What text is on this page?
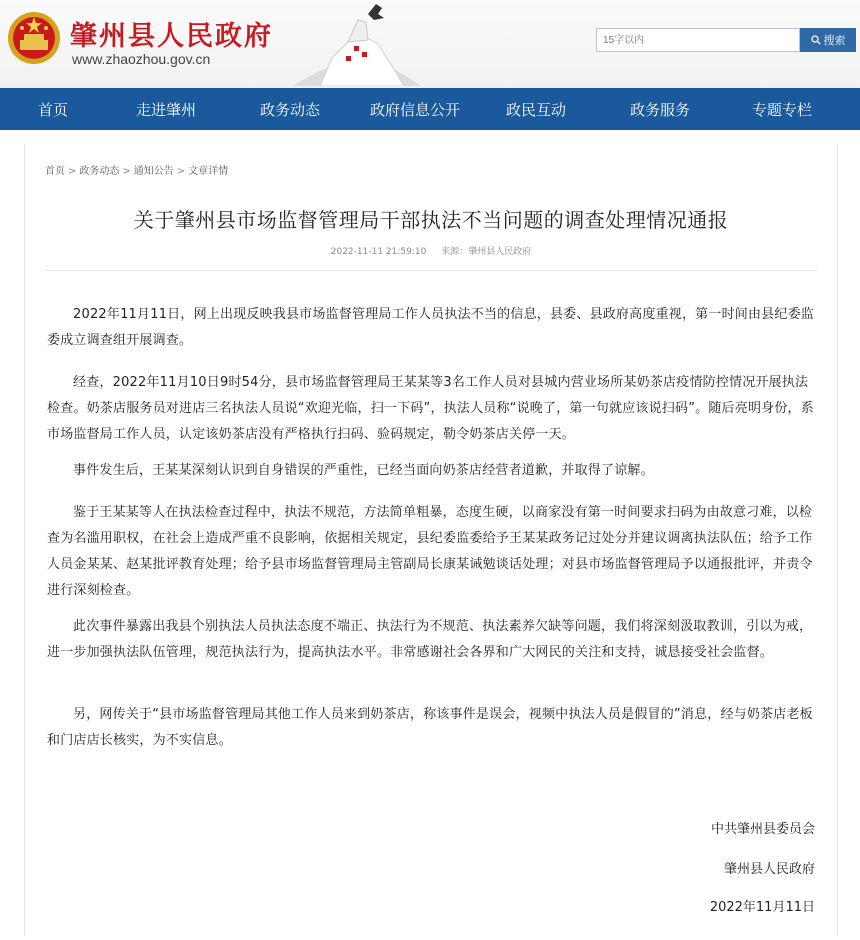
肇州县人民政府
www.zhaozhou.gov.cn
15字以内
搜索
首页	走进肇州	政务动态	政府信息公开	政民互动	政务服务	专题专栏
首页 > 政务动态 > 通知公告 > 文章详情
关于肇州县市场监督管理局干部执法不当问题的调查处理情况通报
2022-11-11 21:59:10 来源：肇州县人民政府

2022年11月11日，网上出现反映我县市场监督管理局工作人员执法不当的信息，县委、县政府高度重视，第一时间由县纪委监委成立调查组开展调查。

经查，2022年11月10日9时54分，县市场监督管理局王某某等3名工作人员对县城内营业场所某奶茶店疫情防控情况开展执法检查。奶茶店服务员对进店三名执法人员说“欢迎光临，扫一下码”，执法人员称“说晚了，第一句就应该说扫码”。随后亮明身份，系市场监督局工作人员，认定该奶茶店没有严格执行扫码、验码规定，勒令奶茶店关停一天。

事件发生后，王某某深刻认识到自身错误的严重性，已经当面向奶茶店经营者道歉，并取得了谅解。

鉴于王某某等人在执法检查过程中，执法不规范，方法简单粗暴，态度生硬，以商家没有第一时间要求扫码为由故意刁难，以检查为名滥用职权，在社会上造成严重不良影响，依据相关规定，县纪委监委给予王某某政务记过处分并建议调离执法队伍；给予工作人员金某某、赵某批评教育处理；给予县市场监督管理局主管副局长康某诫勉谈话处理；对县市场监督管理局予以通报批评，并责令进行深刻检查。

此次事件暴露出我县个别执法人员执法态度不端正、执法行为不规范、执法素养欠缺等问题，我们将深刻汲取教训，引以为戒，进一步加强执法队伍管理，规范执法行为，提高执法水平。非常感谢社会各界和广大网民的关注和支持，诚恳接受社会监督。

另，网传关于“县市场监督管理局其他工作人员来到奶茶店，称该事件是误会，视频中执法人员是假冒的”消息，经与奶茶店老板和门店店长核实，为不实信息。

中共肇州县委员会
肇州县人民政府
2022年11月11日
